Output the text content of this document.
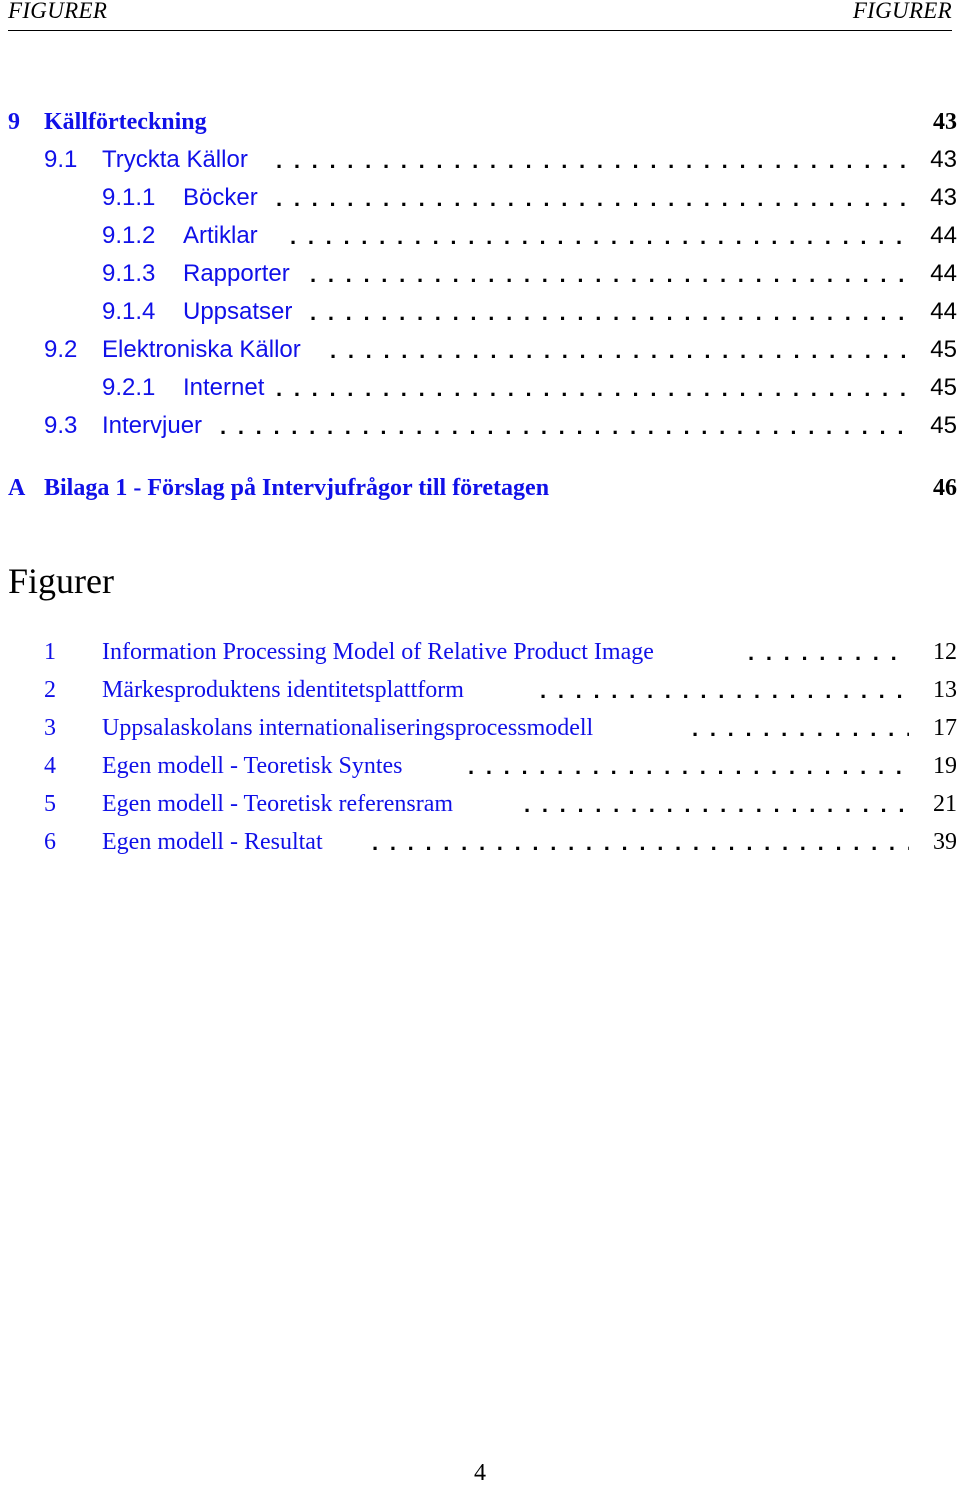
FIGURER	FIGURER
9 Källförteckning	43
9.1 Tryckta Källor . . .	43
9.1.1 Böcker . . .	43
9.1.2 Artiklar . . .	44
9.1.3 Rapporter . . .	44
9.1.4 Uppsatser . . .	44
9.2 Elektroniska Källor . . .	45
9.2.1 Internet . . .	45
9.3 Intervjuer . . .	45
A Bilaga 1 - Förslag på Intervjufrågor till företagen	46
Figurer
1 Information Processing Model of Relative Product Image . . .	12
2 Märkesproduktens identitetsplattform . . .	13
3 Uppsalaskolans internationaliseringsprocessmodell . . .	17
4 Egen modell - Teoretisk Syntes . . .	19
5 Egen modell - Teoretisk referensram . . .	21
6 Egen modell - Resultat . . .	39
4
